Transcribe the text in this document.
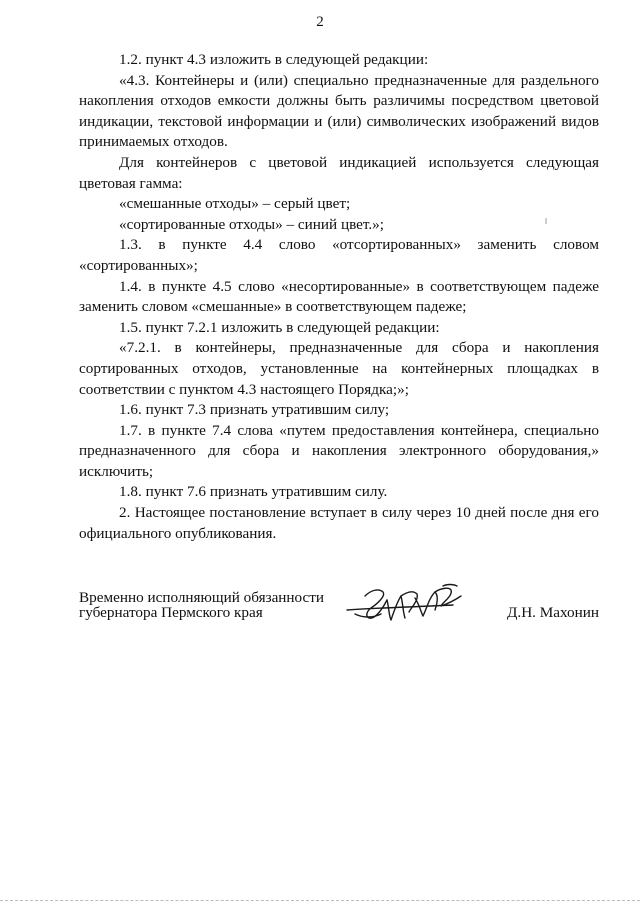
2

1.2. пункт 4.3 изложить в следующей редакции:

«4.3. Контейнеры и (или) специально предназначенные для раздельного накопления отходов емкости должны быть различимы посредством цветовой индикации, текстовой информации и (или) символических изображений видов принимаемых отходов.

Для контейнеров с цветовой индикацией используется следующая цветовая гамма:

«смешанные отходы» – серый цвет;

«сортированные отходы» – синий цвет.»;

1.3. в пункте 4.4 слово «отсортированных» заменить словом «сортированных»;

1.4. в пункте 4.5 слово «несортированные» в соответствующем падеже заменить словом «смешанные» в соответствующем падеже;

1.5. пункт 7.2.1 изложить в следующей редакции:

«7.2.1. в контейнеры, предназначенные для сбора и накопления сортированных отходов, установленные на контейнерных площадках в соответствии с пунктом 4.3 настоящего Порядка;»;

1.6. пункт 7.3 признать утратившим силу;

1.7. в пункте 7.4 слова «путем предоставления контейнера, специально предназначенного для сбора и накопления электронного оборудования,» исключить;

1.8. пункт 7.6 признать утратившим силу.

2. Настоящее постановление вступает в силу через 10 дней после дня его официального опубликования.

Временно исполняющий обязанности
губернатора Пермского края	Д.Н. Махонин
